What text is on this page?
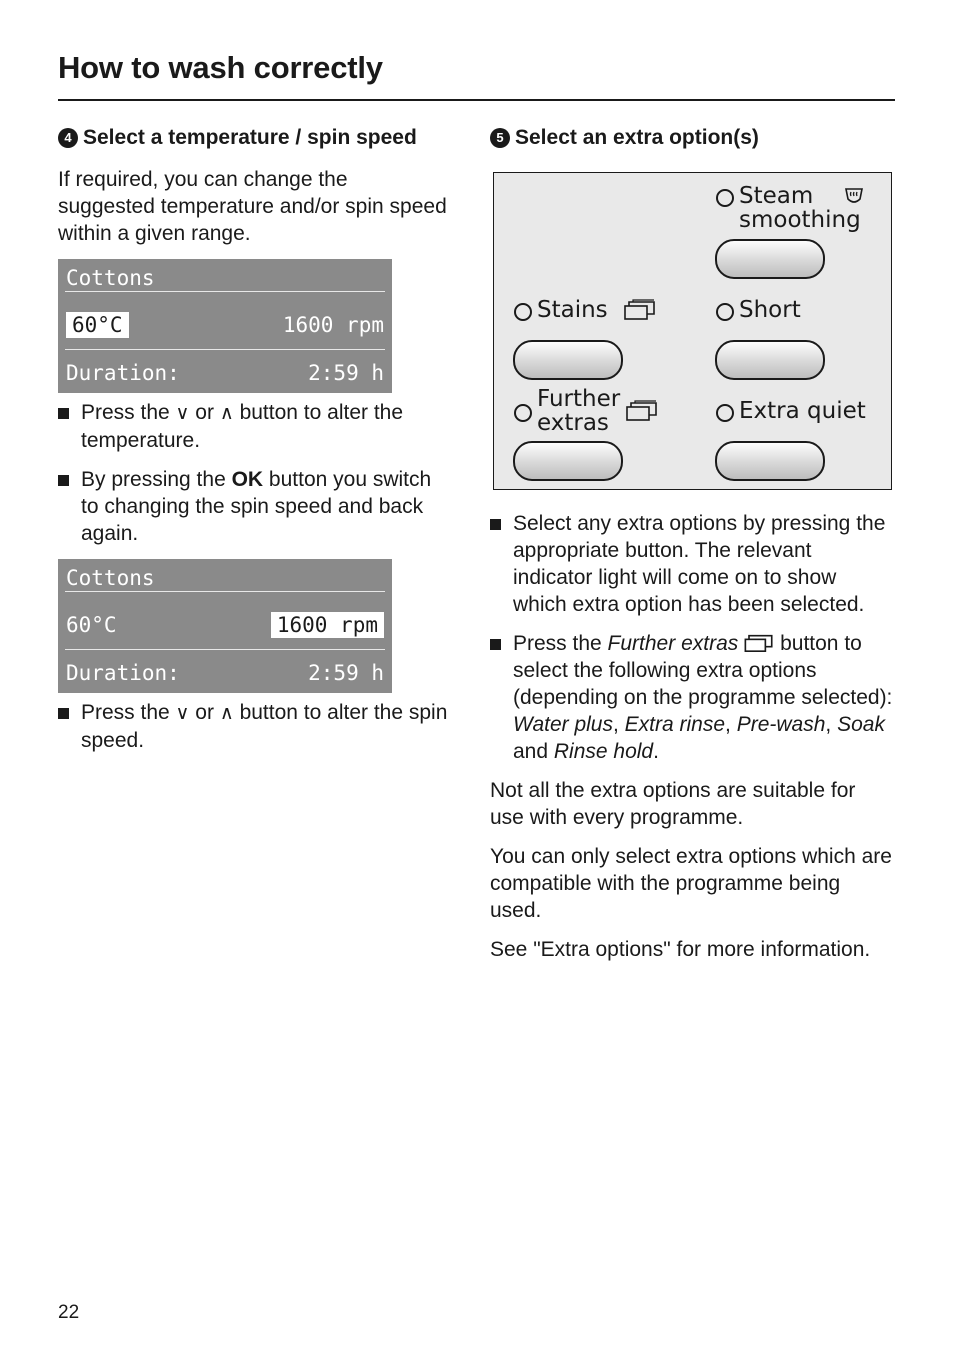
How to wash correctly
4 Select a temperature / spin speed

If required, you can change the suggested temperature and/or spin speed within a given range.

Cottons
60°C	1600 rpm
Duration:	2:59 h
Press the ∨ or ∧ button to alter the temperature.
By pressing the OK button you switch to changing the spin speed and back again.
Cottons
60°C	1600 rpm
Duration:	2:59 h
Press the ∨ or ∧ button to alter the spin speed.
5 Select an extra option(s)
Steam
smoothing
Stains	Short
Further
extras	Extra quiet
Select any extra options by pressing the appropriate button. The relevant indicator light will come on to show which extra option has been selected.
Press the Further extras button to select the following extra options (depending on the programme selected): Water plus, Extra rinse, Pre-wash, Soak and Rinse hold.

Not all the extra options are suitable for use with every programme.

You can only select extra options which are compatible with the programme being used.

See "Extra options" for more information.

22
